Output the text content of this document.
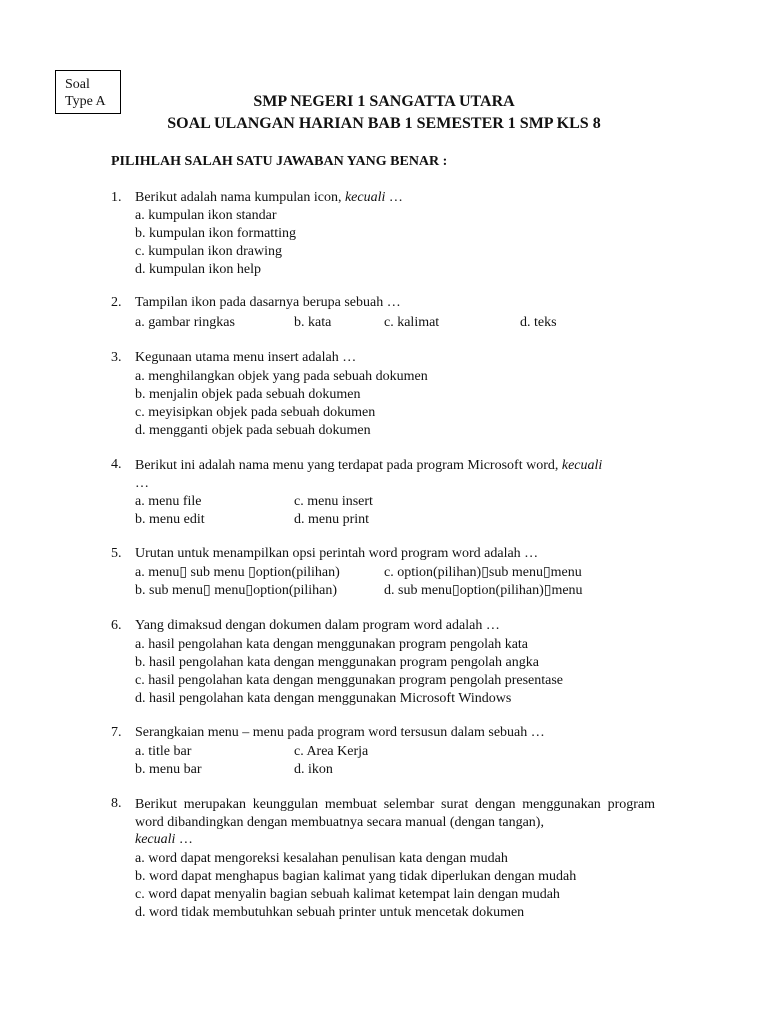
Soal
Type A	SMP NEGERI 1 SANGATTA UTARA
SOAL ULANGAN HARIAN BAB 1 SEMESTER 1 SMP KLS 8
PILIHLAH SALAH SATU JAWABAN YANG BENAR :
1. Berikut adalah nama kumpulan icon, kecuali …
a. kumpulan ikon standar
b. kumpulan ikon formatting
c. kumpulan ikon drawing
d. kumpulan ikon help
2. Tampilan ikon pada dasarnya berupa sebuah …
a. gambar ringkas	b. kata	c. kalimat	d. teks
3. Kegunaan utama menu insert adalah …
a. menghilangkan objek yang pada sebuah dokumen
b. menjalin objek pada sebuah dokumen
c. meyisipkan objek pada sebuah dokumen
d. mengganti objek pada sebuah dokumen
4. Berikut ini adalah nama menu yang terdapat pada program Microsoft word, kecuali
…
a. menu file	c. menu insert
b. menu edit	d. menu print
5. Urutan untuk menampilkan opsi perintah word program word adalah …
a. menu▯ sub menu ▯option(pilihan)	c. option(pilihan)▯sub menu▯menu
b. sub menu▯ menu▯option(pilihan)	d. sub menu▯option(pilihan)▯menu
6. Yang dimaksud dengan dokumen dalam program word adalah …
a. hasil pengolahan kata dengan menggunakan program pengolah kata
b. hasil pengolahan kata dengan menggunakan program pengolah angka
c. hasil pengolahan kata dengan menggunakan program pengolah presentase
d. hasil pengolahan kata dengan menggunakan Microsoft Windows
7. Serangkaian menu – menu pada program word tersusun dalam sebuah …
a. title bar	c. Area Kerja
b. menu bar	d. ikon
8. Berikut merupakan keunggulan membuat selembar surat dengan menggunakan program word dibandingkan dengan membuatnya secara manual (dengan tangan),
kecuali …
a. word dapat mengoreksi kesalahan penulisan kata dengan mudah
b. word dapat menghapus bagian kalimat yang tidak diperlukan dengan mudah
c. word dapat menyalin bagian sebuah kalimat ketempat lain dengan mudah
d. word tidak membutuhkan sebuah printer untuk mencetak dokumen
